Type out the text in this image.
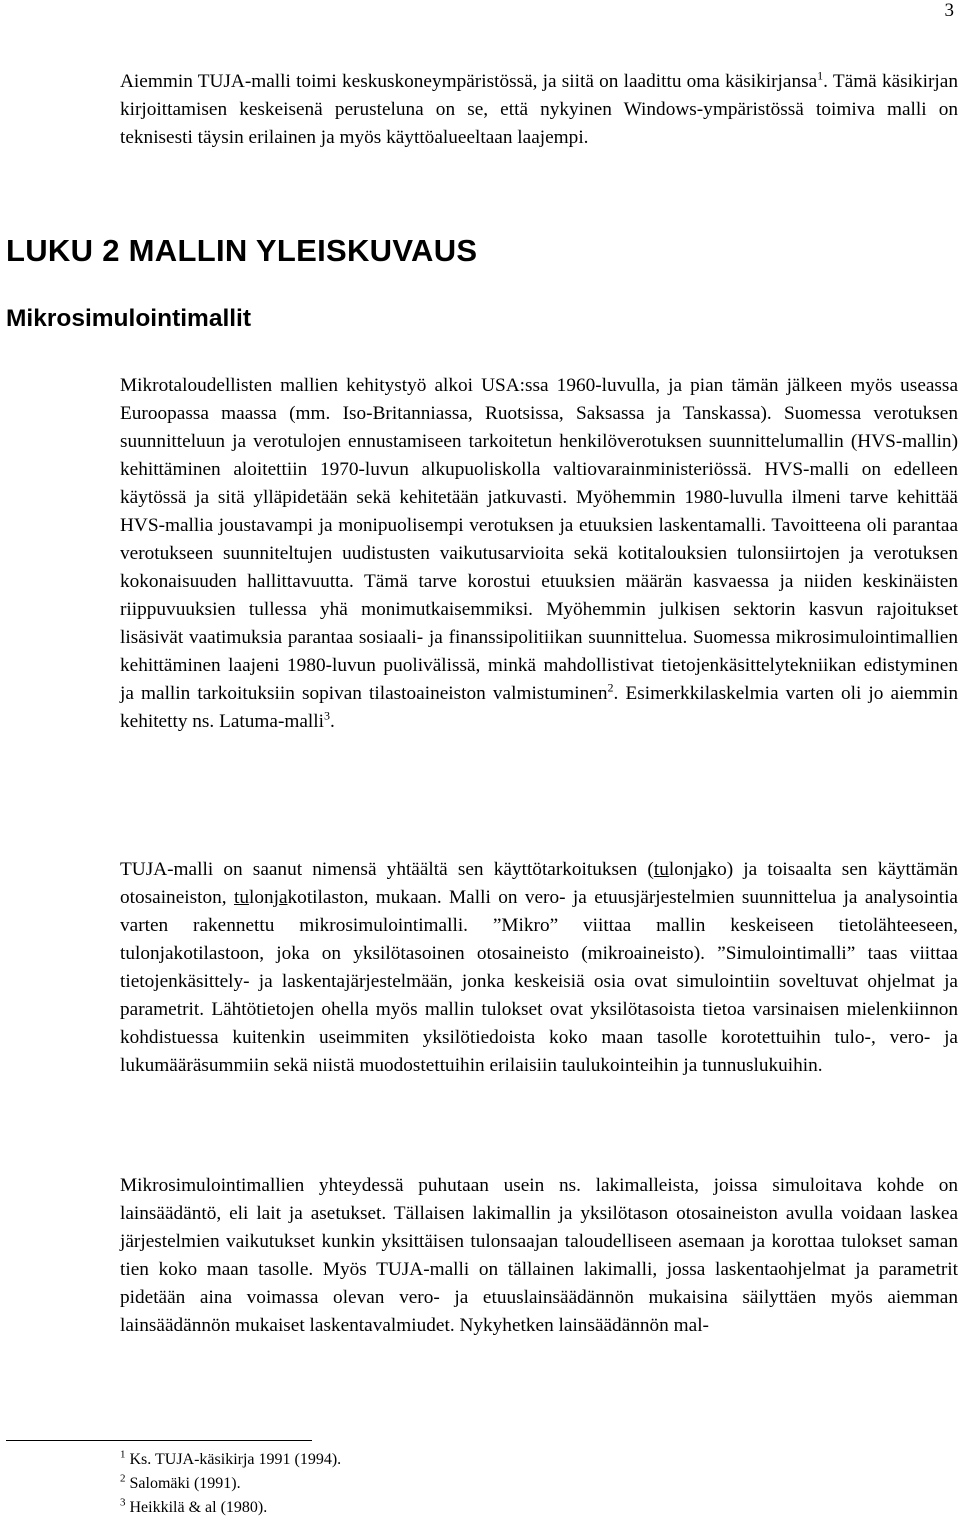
3

Aiemmin TUJA-malli toimi keskuskoneympäristössä, ja siitä on laadittu oma käsikirjansa$^1$. Tämä käsikirjan kirjoittamisen keskeisenä perusteluna on se, että nykyinen Windows-ympäristössä toimiva malli on teknisesti täysin erilainen ja myös käyttöalueeltaan laajempi.

LUKU 2 MALLIN YLEISKUVAUS
Mikrosimulointimallit

Mikrotaloudellisten mallien kehitystyö alkoi USA:ssa 1960-luvulla, ja pian tämän jälkeen myös useassa Euroopassa maassa (mm. Iso-Britanniassa, Ruotsissa, Saksassa ja Tanskassa). Suomessa verotuksen suunnitteluun ja verotulojen ennustamiseen tarkoitetun henkilöverotuksen suunnittelumallin (HVS-mallin) kehittäminen aloitettiin 1970-luvun alkupuoliskolla valtiovarainministeriössä. HVS-malli on edelleen käytössä ja sitä ylläpidetään sekä kehitetään jatkuvasti. Myöhemmin 1980-luvulla ilmeni tarve kehittää HVS-mallia joustavampi ja monipuolisempi verotuksen ja etuuksien laskentamalli. Tavoitteena oli parantaa verotukseen suunniteltujen uudistusten vaikutusarvioita sekä kotitalouksien tulonsiirtojen ja verotuksen kokonaisuuden hallittavuutta. Tämä tarve korostui etuuksien määrän kasvaessa ja niiden keskinäisten riippuvuuksien tullessa yhä monimutkaisemmiksi. Myöhemmin julkisen sektorin kasvun rajoitukset lisäsivät vaatimuksia parantaa sosiaali- ja finanssipolitiikan suunnittelua. Suomessa mikrosimulointimallien kehittäminen laajeni 1980-luvun puolivälissä, minkä mahdollistivat tietojenkäsittelytekniikan edistyminen ja mallin tarkoituksiin sopivan tilastoaineiston valmistuminen$^2$. Esimerkkilaskelmia varten oli jo aiemmin kehitetty ns. Latuma-malli$^3$.

TUJA-malli on saanut nimensä yhtäältä sen käyttötarkoituksen (tulonjako) ja toisaalta sen käyttämän otosaineiston, tulonjakotilaston, mukaan. Malli on vero- ja etuusjärjestelmien suunnittelua ja analysointia varten rakennettu mikrosimulointimalli. ”Mikro” viittaa mallin keskeiseen tietolähteeseen, tulonjakotilastoon, joka on yksilötasoinen otosaineisto (mikroaineisto). ”Simulointimalli” taas viittaa tietojenkäsittely- ja laskentajärjestelmään, jonka keskeisiä osia ovat simulointiin soveltuvat ohjelmat ja parametrit. Lähtötietojen ohella myös mallin tulokset ovat yksilötasoista tietoa varsinaisen mielenkiinnon kohdistuessa kuitenkin useimmiten yksilötiedoista koko maan tasolle korotettuihin tulo-, vero- ja lukumääräsummiin sekä niistä muodostettuihin erilaisiin taulukointeihin ja tunnuslukuihin.

Mikrosimulointimallien yhteydessä puhutaan usein ns. lakimalleista, joissa simuloitava kohde on lainsäädäntö, eli lait ja asetukset. Tällaisen lakimallin ja yksilötason otosaineiston avulla voidaan laskea järjestelmien vaikutukset kunkin yksittäisen tulonsaajan taloudelliseen asemaan ja korottaa tulokset saman tien koko maan tasolle. Myös TUJA-malli on tällainen lakimalli, jossa laskentaohjelmat ja parametrit pidetään aina voimassa olevan vero- ja etuuslainsäädännön mukaisina säilyttäen myös aiemman lainsäädännön mukaiset laskentavalmiudet. Nykyhetken lainsäädännön mal-

$^1$ Ks. TUJA-käsikirja 1991 (1994).
$^2$ Salomäki (1991).
$^3$ Heikkilä & al (1980).
